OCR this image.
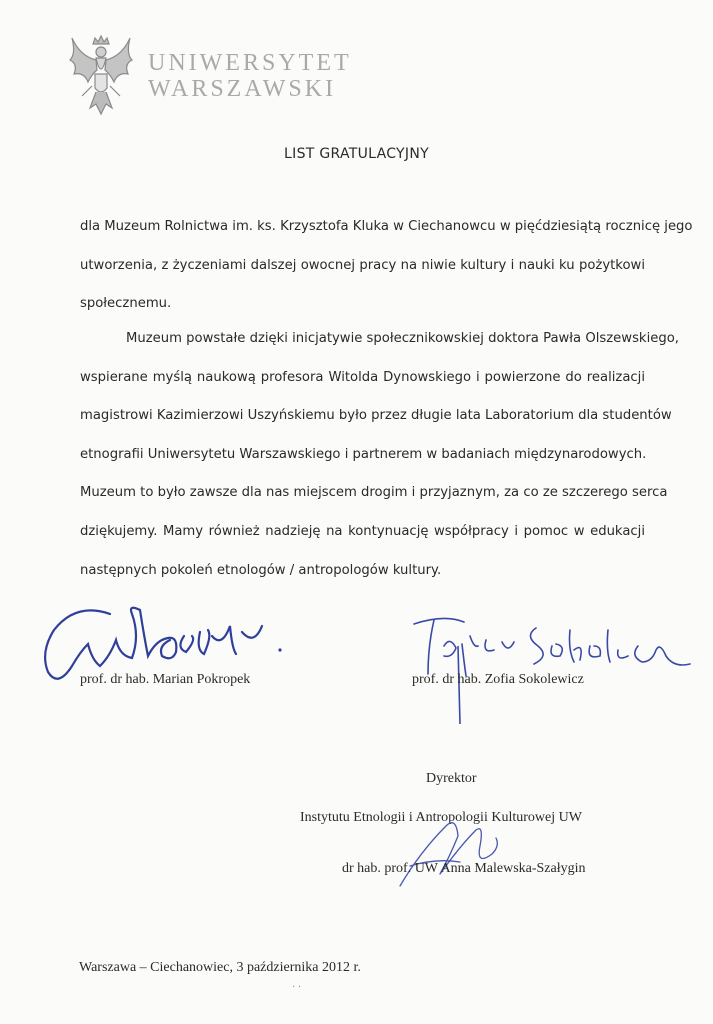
UNIWERSYTET
WARSZAWSKI
LIST GRATULACYJNY
dla Muzeum Rolnictwa im. ks. Krzysztofa Kluka w Ciechanowcu w pięćdziesiątą rocznicę jego
utworzenia, z życzeniami dalszej owocnej pracy na niwie kultury i nauki ku pożytkowi
społecznemu.
Muzeum powstałe dzięki inicjatywie społecznikowskiej doktora Pawła Olszewskiego,
wspierane myślą naukową profesora Witolda Dynowskiego i powierzone do realizacji
magistrowi Kazimierzowi Uszyńskiemu było przez długie lata Laboratorium dla studentów
etnografii Uniwersytetu Warszawskiego i partnerem w badaniach międzynarodowych.
Muzeum to było zawsze dla nas miejscem drogim i przyjaznym, za co ze szczerego serca
dziękujemy. Mamy również nadzieję na kontynuację współpracy i pomoc w edukacji
następnych pokoleń etnologów / antropologów kultury.
prof. dr hab. Marian Pokropek	prof. dr hab. Zofia Sokolewicz
Dyrektor
Instytutu Etnologii i Antropologii Kulturowej UW
dr hab. prof. UW Anna Malewska-Szałygin
Warszawa – Ciechanowiec, 3 października 2012 r.
· ·
